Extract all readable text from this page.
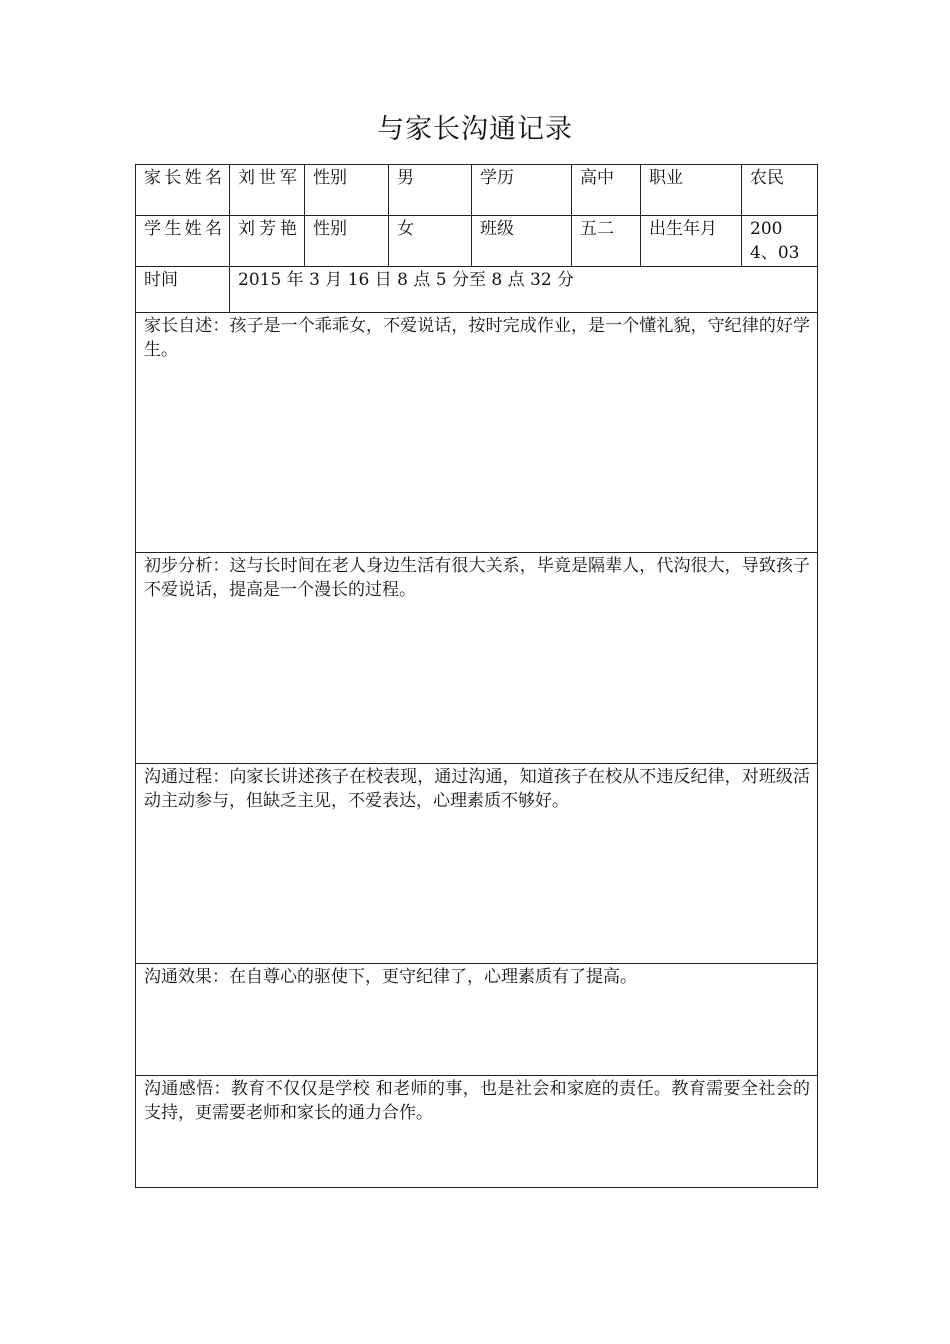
与家长沟通记录
家长姓名	刘世军	性别	男	学历	高中	职业	农民
学生姓名	刘芳艳	性别	女	班级	五二	出生年月	2004、03
时间	2015 年 3 月 16 日 8 点 5 分至 8 点 32 分						
家长自述：孩子是一个乖乖女，不爱说话，按时完成作业，是一个懂礼貌，守纪律的好学生。							
初步分析：这与长时间在老人身边生活有很大关系，毕竟是隔辈人，代沟很大，导致孩子不爱说话，提高是一个漫长的过程。							
沟通过程：向家长讲述孩子在校表现，通过沟通，知道孩子在校从不违反纪律，对班级活动主动参与，但缺乏主见，不爱表达，心理素质不够好。							
沟通效果：在自尊心的驱使下，更守纪律了，心理素质有了提高。							
沟通感悟：教育不仅仅是学校 和老师的事，也是社会和家庭的责任。教育需要全社会的支持，更需要老师和家长的通力合作。							
